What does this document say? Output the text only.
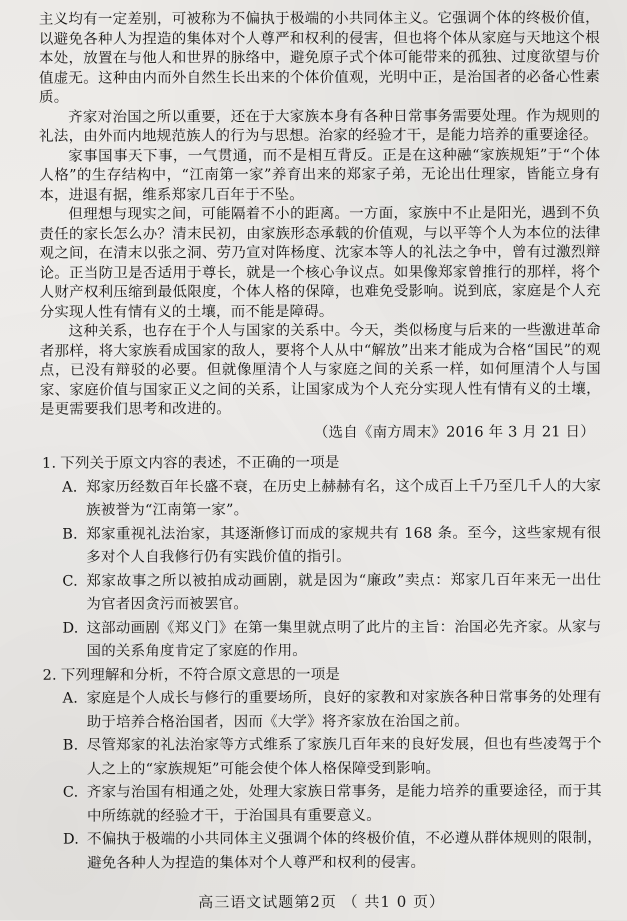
主义均有一定差别，可被称为不偏执于极端的小共同体主义。它强调个体的终极价值，以避免各种人为捏造的集体对个人尊严和权利的侵害，但也将个体从家庭与天地这个根本处，放置在与他人和世界的脉络中，避免原子式个体可能带来的孤独、过度欲望与价值虚无。这种由内而外自然生长出来的个体价值观，光明中正，是治国者的必备心性素质。

齐家对治国之所以重要，还在于大家族本身有各种日常事务需要处理。作为规则的礼法，由外而内地规范族人的行为与思想。治家的经验才干，是能力培养的重要途径。

家事国事天下事，一气贯通，而不是相互背反。正是在这种融“家族规矩”于“个体人格”的生存结构中，“江南第一家”养育出来的郑家子弟，无论出仕理家，皆能立身有本，进退有据，维系郑家几百年于不坠。

但理想与现实之间，可能隔着不小的距离。一方面，家族中不止是阳光，遇到不负责任的家长怎么办？清末民初，由家族形态承载的价值观，与以平等个人为本位的法律观之间，在清末以张之洞、劳乃宣对阵杨度、沈家本等人的礼法之争中，曾有过激烈辩论。正当防卫是否适用于尊长，就是一个核心争议点。如果像郑家曾推行的那样，将个人财产权利压缩到最低限度，个体人格的保障，也难免受影响。说到底，家庭是个人充分实现人性有情有义的土壤，而不能是障碍。

这种关系，也存在于个人与国家的关系中。今天，类似杨度与后来的一些激进革命者那样，将大家族看成国家的敌人，要将个人从中“解放”出来才能成为合格“国民”的观点，已没有辩驳的必要。但就像厘清个人与家庭之间的关系一样，如何厘清个人与国家、家庭价值与国家正义之间的关系，让国家成为个人充分实现人性有情有义的土壤，是更需要我们思考和改进的。

（选自《南方周末》2016 年 3 月 21 日）

1. 下列关于原文内容的表述，不正确的一项是

A. 郑家历经数百年长盛不衰，在历史上赫赫有名，这个成百上千乃至几千人的大家族被誉为“江南第一家”。

B. 郑家重视礼法治家，其逐渐修订而成的家规共有 168 条。至今，这些家规有很多对个人自我修行仍有实践价值的指引。

C. 郑家故事之所以被拍成动画剧，就是因为“廉政”卖点：郑家几百年来无一出仕为官者因贪污而被罢官。

D. 这部动画剧《郑义门》在第一集里就点明了此片的主旨：治国必先齐家。从家与国的关系角度肯定了家庭的作用。

2. 下列理解和分析，不符合原文意思的一项是

A. 家庭是个人成长与修行的重要场所，良好的家教和对家族各种日常事务的处理有助于培养合格治国者，因而《大学》将齐家放在治国之前。

B. 尽管郑家的礼法治家等方式维系了家族几百年来的良好发展，但也有些凌驾于个人之上的“家族规矩”可能会使个体人格保障受到影响。

C. 齐家与治国有相通之处，处理大家族日常事务，是能力培养的重要途径，而于其中所练就的经验才干，于治国具有重要意义。

D. 不偏执于极端的小共同体主义强调个体的终极价值，不必遵从群体规则的限制，避免各种人为捏造的集体对个人尊严和权利的侵害。

高三语文试题第2页 （ 共1 0 页）
